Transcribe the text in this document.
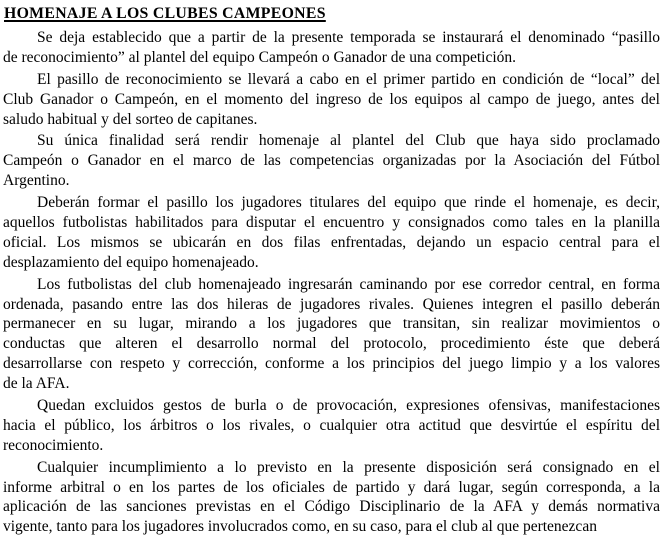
HOMENAJE A LOS CLUBES CAMPEONES

Se deja establecido que a partir de la presente temporada se instaurará el denominado “pasillo
de reconocimiento” al plantel del equipo Campeón o Ganador de una competición.

El pasillo de reconocimiento se llevará a cabo en el primer partido en condición de “local” del
Club Ganador o Campeón, en el momento del ingreso de los equipos al campo de juego, antes del
saludo habitual y del sorteo de capitanes.

Su única finalidad será rendir homenaje al plantel del Club que haya sido proclamado
Campeón o Ganador en el marco de las competencias organizadas por la Asociación del Fútbol
Argentino.

Deberán formar el pasillo los jugadores titulares del equipo que rinde el homenaje, es decir,
aquellos futbolistas habilitados para disputar el encuentro y consignados como tales en la planilla
oficial. Los mismos se ubicarán en dos filas enfrentadas, dejando un espacio central para el
desplazamiento del equipo homenajeado.

Los futbolistas del club homenajeado ingresarán caminando por ese corredor central, en forma
ordenada, pasando entre las dos hileras de jugadores rivales. Quienes integren el pasillo deberán
permanecer en su lugar, mirando a los jugadores que transitan, sin realizar movimientos o
conductas que alteren el desarrollo normal del protocolo, procedimiento éste que deberá
desarrollarse con respeto y corrección, conforme a los principios del juego limpio y a los valores
de la AFA.

Quedan excluidos gestos de burla o de provocación, expresiones ofensivas, manifestaciones
hacia el público, los árbitros o los rivales, o cualquier otra actitud que desvirtúe el espíritu del
reconocimiento.

Cualquier incumplimiento a lo previsto en la presente disposición será consignado en el
informe arbitral o en los partes de los oficiales de partido y dará lugar, según corresponda, a la
aplicación de las sanciones previstas en el Código Disciplinario de la AFA y demás normativa
vigente, tanto para los jugadores involucrados como, en su caso, para el club al que pertenezcan
